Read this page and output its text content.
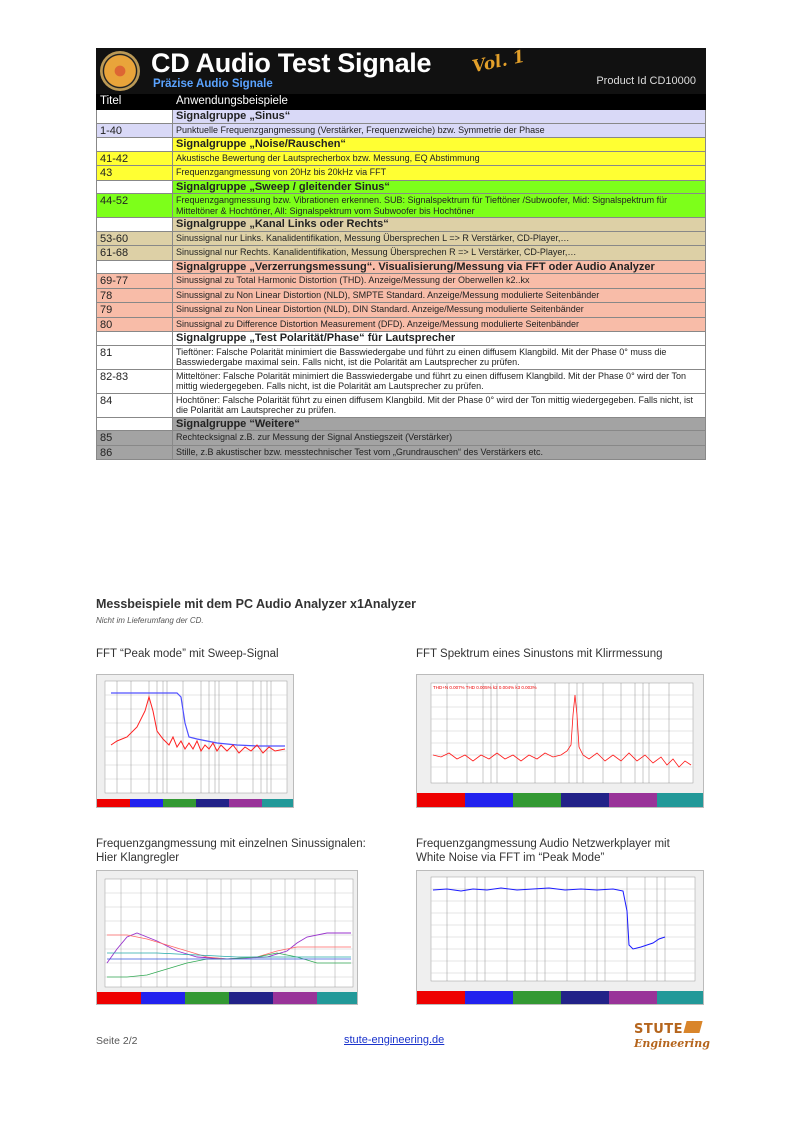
CD Audio Test Signale
Präzise Audio Signale
Vol. 1
Product Id CD10000
Titel	Anwendungsbeispiele
	Signalgruppe „Sinus“
1-40	Punktuelle Frequenzgangmessung (Verstärker, Frequenzweiche) bzw. Symmetrie der Phase
	Signalgruppe „Noise/Rauschen“
41-42	Akustische Bewertung der Lautsprecherbox bzw. Messung, EQ Abstimmung
43	Frequenzgangmessung von 20Hz bis 20kHz via FFT
	Signalgruppe „Sweep / gleitender Sinus“
44-52	Frequenzgangmessung bzw. Vibrationen erkennen. SUB: Signalspektrum für Tieftöner /Subwoofer, Mid: Signalspektrum für Mitteltöner & Hochtöner, All: Signalspektrum vom Subwoofer bis Hochtöner
	Signalgruppe „Kanal Links oder Rechts“
53-60	Sinussignal nur Links. Kanalidentifikation, Messung Übersprechen L => R Verstärker, CD-Player,…
61-68	Sinussignal nur Rechts. Kanalidentifikation, Messung Übersprechen R => L Verstärker, CD-Player,…
	Signalgruppe „Verzerrungsmessung“. Visualisierung/Messung via FFT oder Audio Analyzer
69-77	Sinussignal zu Total Harmonic Distortion (THD). Anzeige/Messung der Oberwellen k2..kx
78	Sinussignal zu Non Linear Distortion (NLD), SMPTE Standard. Anzeige/Messung modulierte Seitenbänder
79	Sinussignal zu Non Linear Distortion (NLD), DIN Standard. Anzeige/Messung modulierte Seitenbänder
80	Sinussignal zu Difference Distortion Measurement (DFD). Anzeige/Messung modulierte Seitenbänder
	Signalgruppe „Test Polarität/Phase“ für Lautsprecher
81	Tieftöner: Falsche Polarität minimiert die Basswiedergabe und führt zu einen diffusem Klangbild. Mit der Phase 0° muss die Basswiedergabe maximal sein. Falls nicht, ist die Polarität am Lautsprecher zu prüfen.
82-83	Mitteltöner: Falsche Polarität minimiert die Basswiedergabe und führt zu einen diffusem Klangbild. Mit der Phase 0° wird der Ton mittig wiedergegeben. Falls nicht, ist die Polarität am Lautsprecher zu prüfen.
84	Hochtöner: Falsche Polarität führt zu einen diffusem Klangbild. Mit der Phase 0° wird der Ton mittig wiedergegeben. Falls nicht, ist die Polarität am Lautsprecher zu prüfen.
	Signalgruppe “Weitere“
85	Rechtecksignal z.B. zur Messung der Signal Anstiegszeit (Verstärker)
86	Stille, z.B akustischer bzw. messtechnischer Test vom „Grundrauschen“ des Verstärkers etc.
Messbeispiele mit dem PC Audio Analyzer x1Analyzer
Nicht im Lieferumfang der CD.
FFT “Peak mode” mit Sweep-Signal	FFT Spektrum eines Sinustons mit Klirrmessung
Frequenzgangmessung mit einzelnen Sinussignalen:
Hier Klangregler
Frequenzgangmessung Audio Netzwerkplayer mit
White Noise via FFT im “Peak Mode”
THD+N 0.007% THD 0.005% k2 0.004% k3 0.003%
Seite 2/2	stute-engineering.de
STUTE
Engineering
